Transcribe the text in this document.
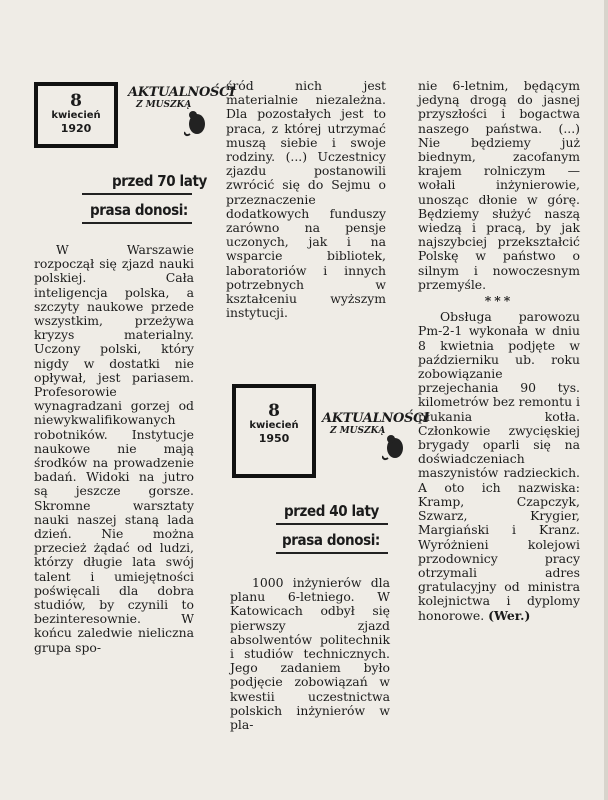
8
kwiecień
1920
AKTUALNOŚCI
Z MUSZKĄ
przed 70 laty
prasa donosi:

W Warszawie rozpoczął się zjazd nauki polskiej. Cała inteligencja polska, a szczyty naukowe przede wszystkim, przeżywa kryzys materialny. Uczony polski, który nigdy w dostatki nie opływał, jest pariasem. Profesorowie wynagradzani gorzej od niewykwalifikowanych robotników. Instytucje naukowe nie mają środków na prowadzenie badań. Widoki na jutro są jeszcze gorsze. Skromne warsztaty nauki naszej staną lada dzień. Nie można przecież żądać od ludzi, którzy długie lata swój talent i umiejętności poświęcali dla dobra studiów, by czynili to bezinteresownie. W końcu zaledwie nieliczna grupa spo-

śród nich jest materialnie niezależna. Dla pozostałych jest to praca, z której utrzymać muszą siebie i swoje rodziny. (...) Uczestnicy zjazdu postanowili zwrócić się do Sejmu o przeznaczenie dodatkowych funduszy zarówno na pensje uczonych, jak i na wsparcie bibliotek, laboratoriów i innych potrzebnych w kształceniu wyższym instytucji.

8
kwiecień
1950
AKTUALNOŚCI
Z MUSZKĄ
przed 40 laty
prasa donosi:

1000 inżynierów dla planu 6-letniego. W Katowicach odbył się pierwszy zjazd absolwentów politechnik i studiów technicznych. Jego zadaniem było podjęcie zobowiązań w kwestii uczestnictwa polskich inżynierów w pla-

nie 6-letnim, będącym jedyną drogą do jasnej przyszłości i bogactwa naszego państwa. (...) Nie będziemy już biednym, zacofanym krajem rolniczym — wołali inżynierowie, unosząc dłonie w górę. Będziemy służyć naszą wiedzą i pracą, by jak najszybciej przekształcić Polskę w państwo o silnym i nowoczesnym przemyśle.

***

Obsługa parowozu Pm-2-1 wykonała w dniu 8 kwietnia podjęte w październiku ub. roku zobowiązanie przejechania 90 tys. kilometrów bez remontu i płukania kotła. Członkowie zwycięskiej brygady oparli się na doświadczeniach maszynistów radzieckich. A oto ich nazwiska: Kramp, Czapczyk, Szwarz, Krygier, Margiański i Kranz. Wyróżnieni kolejowi przodownicy pracy otrzymali adres gratulacyjny od ministra kolejnictwa i dyplomy honorowe. (Wer.)
